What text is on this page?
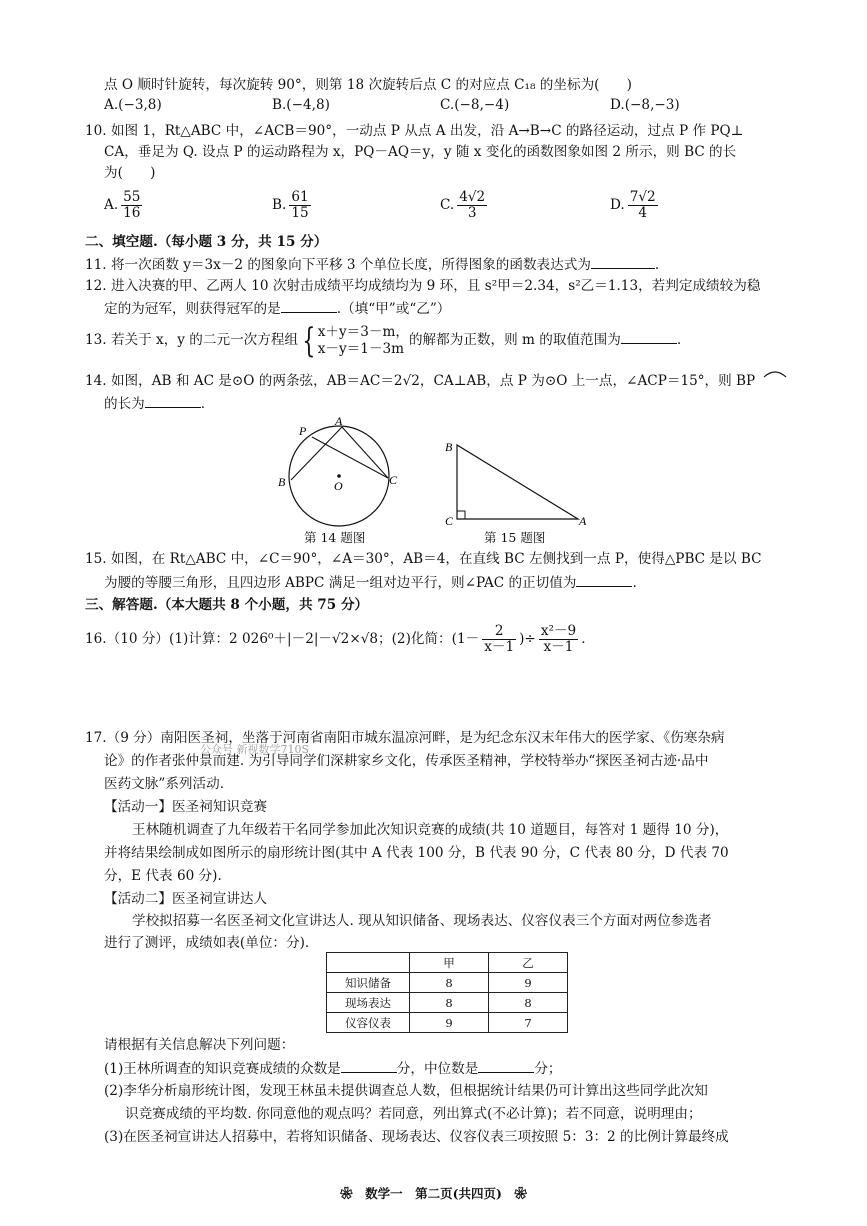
点 O 顺时针旋转，每次旋转 90°，则第 18 次旋转后点 C 的对应点 C₁₈ 的坐标为(　　)
A.(−3,8)	B.(−4,8)	C.(−8,−4)	D.(−8,−3)
10. 如图 1，Rt△ABC 中，∠ACB＝90°，一动点 P 从点 A 出发，沿 A→B→C 的路径运动，过点 P 作 PQ⊥
CA，垂足为 Q. 设点 P 的运动路程为 x，PQ－AQ＝y，y 随 x 变化的函数图象如图 2 所示，则 BC 的长
为(　　)
A. $\frac{55}{16}$	B. $\frac{61}{15}$	C. $\frac{4√2}{3}$	D. $\frac{7√2}{4}$
二、填空题.（每小题 3 分，共 15 分）
11. 将一次函数 y＝3x－2 的图象向下平移 3 个单位长度，所得图象的函数表达式为	.
12. 进入决赛的甲、乙两人 10 次射击成绩平均成绩均为 9 环，且 s²甲＝2.34，s²乙＝1.13，若判定成绩较为稳
定的为冠军，则获得冠军的是	.（填“甲”或“乙”）
13. 若关于 x，y 的二元一次方程组 { x＋y＝3－m，
x－y＝1－3m
的解都为正数，则 m 的取值范围为	.
14. 如图，AB 和 AC 是⊙O 的两条弦，AB＝AC＝2√2，CA⊥AB，点 P 为⊙O 上一点，∠ACP＝15°，则 BP
的长为	.
P
A
B	C
O
第 14 题图
B
C	A
第 15 题图
15. 如图，在 Rt△ABC 中，∠C＝90°，∠A＝30°，AB＝4，在直线 BC 左侧找到一点 P，使得△PBC 是以 BC
为腰的等腰三角形，且四边形 ABPC 满足一组对边平行，则∠PAC 的正切值为	.
三、解答题.（本大题共 8 个小题，共 75 分）
16.（10 分）(1)计算：2 026⁰＋|－2|－√2×√8；(2)化简：($1- \frac{2}{x-1}$ )÷ $\frac{\text{x²－9}}{x-1}$ .
17.（9 分）南阳医圣祠，坐落于河南省南阳市城东温凉河畔，是为纪念东汉末年伟大的医学家、《伤寒杂病
论》的作者张仲景而建. 为引导同学们深耕家乡文化，传承医圣精神，学校特举办“探医圣祠古迹·品中
公众号 新视数学710S
医药文脉”系列活动.
【活动一】医圣祠知识竞赛
王林随机调查了九年级若干名同学参加此次知识竞赛的成绩(共 10 道题目，每答对 1 题得 10 分)，
并将结果绘制成如图所示的扇形统计图(其中 A 代表 100 分，B 代表 90 分，C 代表 80 分，D 代表 70
分，E 代表 60 分).
【活动二】医圣祠宣讲达人
学校拟招募一名医圣祠文化宣讲达人. 现从知识储备、现场表达、仪容仪表三个方面对两位参选者
进行了测评，成绩如表(单位：分).
	甲	乙
知识储备	8	9
现场表达	8	8
仪容仪表	9	7
请根据有关信息解决下列问题：
(1)王林所调查的知识竞赛成绩的众数是	分，中位数是	分；
(2)李华分析扇形统计图，发现王林虽未提供调查总人数，但根据统计结果仍可计算出这些同学此次知
识竞赛成绩的平均数. 你同意他的观点吗？若同意，列出算式(不必计算)；若不同意，说明理由；
(3)在医圣祠宣讲达人招募中，若将知识储备、现场表达、仪容仪表三项按照 5：3：2 的比例计算最终成
❀　数学一　第二页(共四页)　❀
